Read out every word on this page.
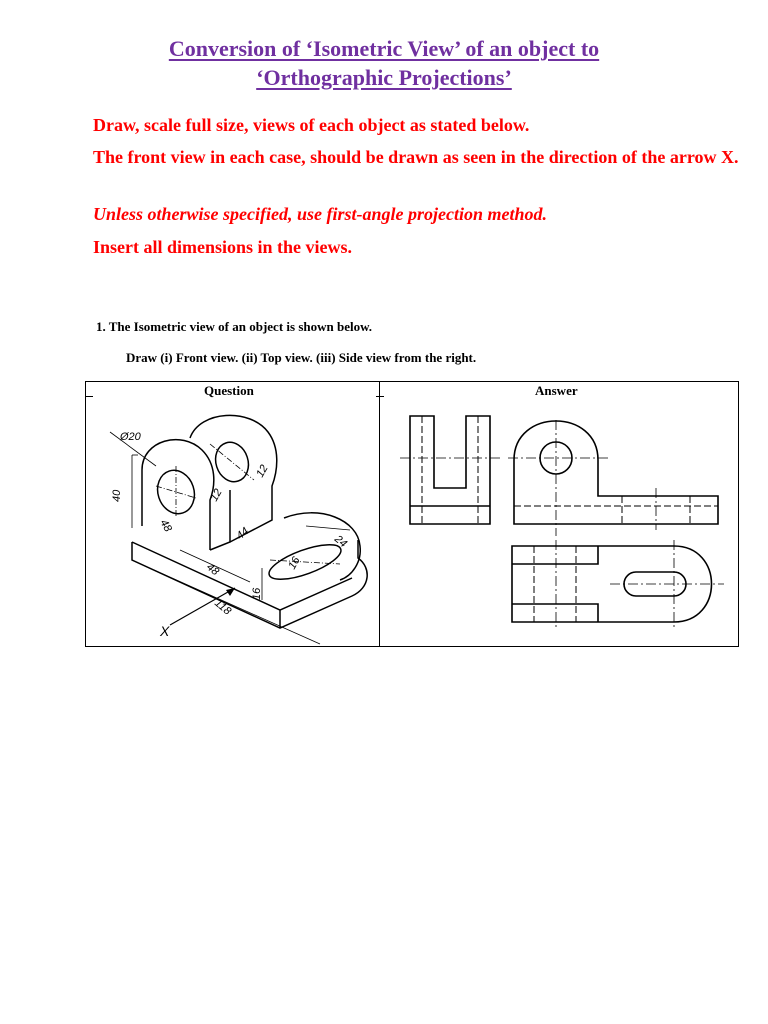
Conversion of ‘Isometric View’ of an object to
‘Orthographic Projections’
Draw, scale full size, views of each object as stated below.
The front view in each case, should be drawn as seen in the direction of the arrow X.
Unless otherwise specified, use first-angle projection method.
Insert all dimensions in the views.
1. The Isometric view of an object is shown below.
Draw (i) Front view. (ii) Top view. (iii) Side view from the right.
Question	Answer
Ø20
40
48
12
12
44
16
24
48
118
16
X
